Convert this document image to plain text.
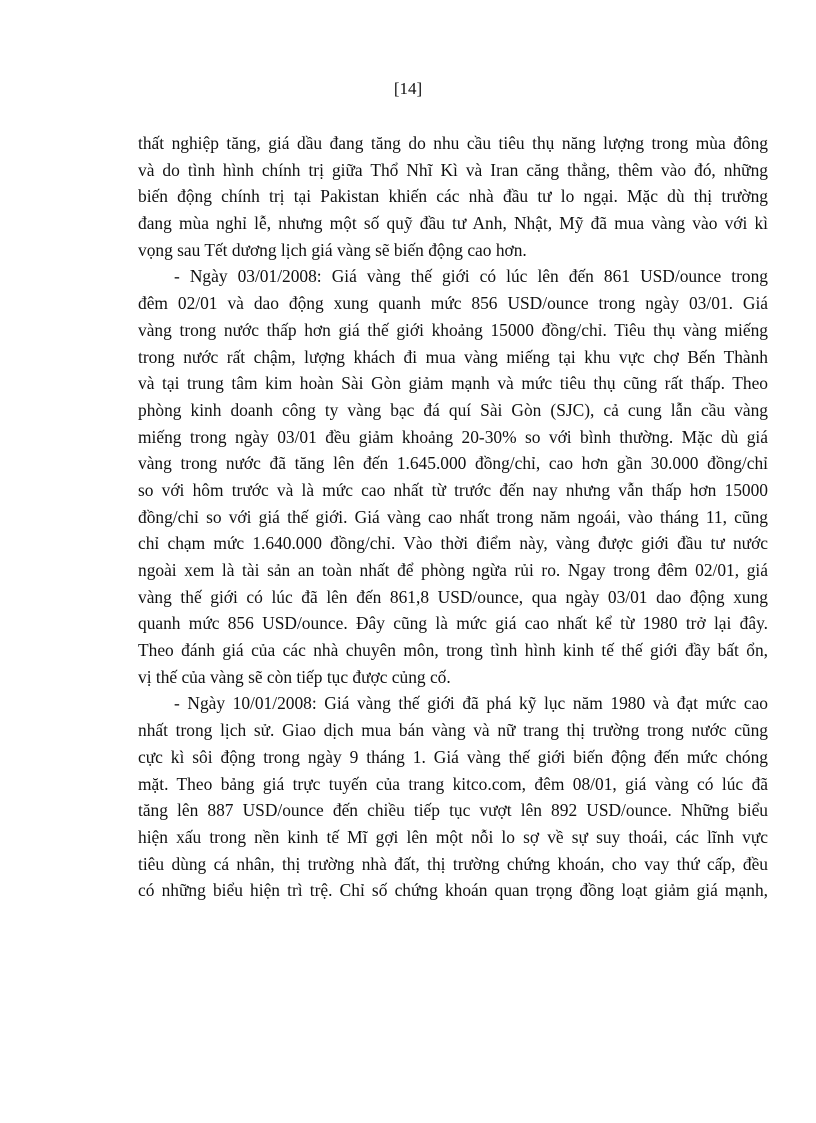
[14]
thất nghiệp tăng, giá dầu đang tăng do nhu cầu tiêu thụ năng lượng trong mùa đông
và do tình hình chính trị giữa Thổ Nhĩ Kì và Iran căng thẳng, thêm vào đó, những
biến động chính trị tại Pakistan khiến các nhà đầu tư lo ngại. Mặc dù thị trường
đang mùa nghỉ lễ, nhưng một số quỹ đầu tư Anh, Nhật, Mỹ đã mua vàng vào với kì
vọng sau Tết dương lịch giá vàng sẽ biến động cao hơn.
- Ngày 03/01/2008: Giá vàng thế giới có lúc lên đến 861 USD/ounce trong
đêm 02/01 và dao động xung quanh mức 856 USD/ounce trong ngày 03/01. Giá
vàng trong nước thấp hơn giá thế giới khoảng 15000 đồng/chỉ. Tiêu thụ vàng miếng
trong nước rất chậm, lượng khách đi mua vàng miếng tại khu vực chợ Bến Thành
và tại trung tâm kim hoàn Sài Gòn giảm mạnh và mức tiêu thụ cũng rất thấp. Theo
phòng kinh doanh công ty vàng bạc đá quí Sài Gòn (SJC), cả cung lẫn cầu vàng
miếng trong ngày 03/01 đều giảm khoảng 20-30% so với bình thường. Mặc dù giá
vàng trong nước đã tăng lên đến 1.645.000 đồng/chỉ, cao hơn gần 30.000 đồng/chỉ
so với hôm trước và là mức cao nhất từ trước đến nay nhưng vẫn thấp hơn 15000
đồng/chỉ so với giá thế giới. Giá vàng cao nhất trong năm ngoái, vào tháng 11, cũng
chỉ chạm mức 1.640.000 đồng/chỉ. Vào thời điểm này, vàng được giới đầu tư nước
ngoài xem là tài sản an toàn nhất để phòng ngừa rủi ro. Ngay trong đêm 02/01, giá
vàng thế giới có lúc đã lên đến 861,8 USD/ounce, qua ngày 03/01 dao động xung
quanh mức 856 USD/ounce. Đây cũng là mức giá cao nhất kể từ 1980 trở lại đây.
Theo đánh giá của các nhà chuyên môn, trong tình hình kinh tế thế giới đầy bất ổn,
vị thế của vàng sẽ còn tiếp tục được củng cố.
- Ngày 10/01/2008: Giá vàng thế giới đã phá kỹ lục năm 1980 và đạt mức cao
nhất trong lịch sử. Giao dịch mua bán vàng và nữ trang thị trường trong nước cũng
cực kì sôi động trong ngày 9 tháng 1. Giá vàng thế giới biến động đến mức chóng
mặt. Theo bảng giá trực tuyến của trang kitco.com, đêm 08/01, giá vàng có lúc đã
tăng lên 887 USD/ounce đến chiều tiếp tục vượt lên 892 USD/ounce. Những biểu
hiện xấu trong nền kinh tế Mĩ gợi lên một nỗi lo sợ về sự suy thoái, các lĩnh vực
tiêu dùng cá nhân, thị trường nhà đất, thị trường chứng khoán, cho vay thứ cấp, đều
có những biểu hiện trì trệ. Chỉ số chứng khoán quan trọng đồng loạt giảm giá mạnh,
